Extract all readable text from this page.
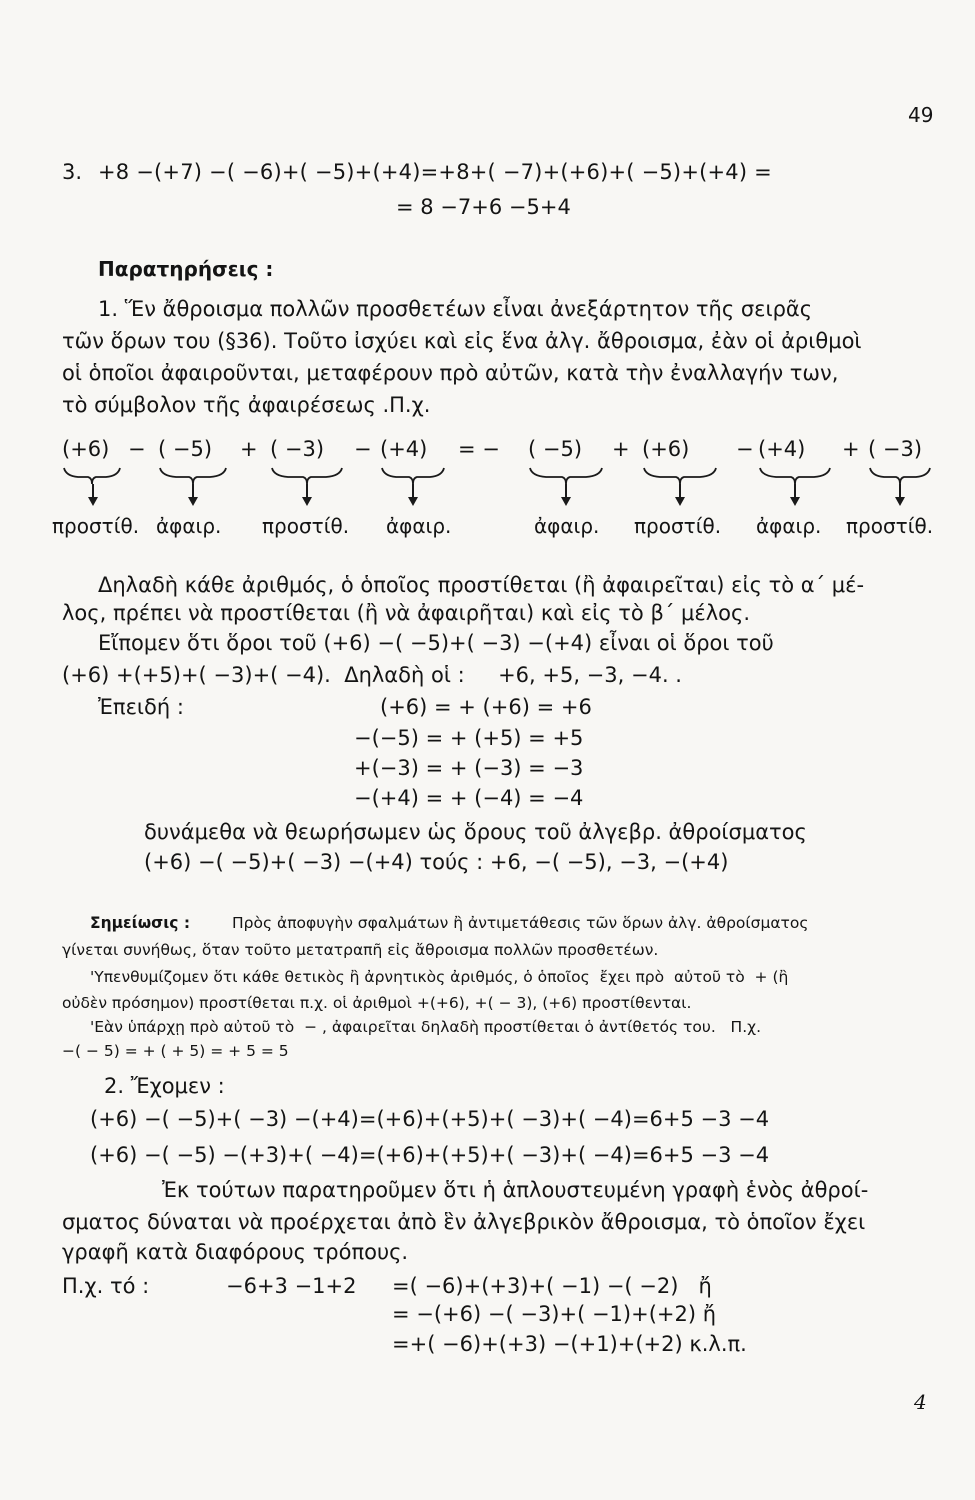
49
3. +8 −(+7) −( −6)+( −5)+(+4)=+8+( −7)+(+6)+( −5)+(+4) =
= 8 −7+6 −5+4
Παρατηρήσεις :
1. Ἕν ἄθροισμα πολλῶν προσθετέων εἶναι ἀνεξάρτητον τῆς σειρᾶς
τῶν ὅρων του (§36). Τοῦτο ἰσχύει καὶ εἰς ἕνα ἀλγ. ἄθροισμα, ἐὰν οἱ ἀριθμοὶ
οἱ ὁποῖοι ἀφαιροῦνται, μεταφέρουν πρὸ αὐτῶν, κατὰ τὴν ἐναλλαγήν των,
τὸ σύμβολον τῆς ἀφαιρέσεως .Π.χ.
(+6) − ( −5) + ( −3) − (+4) = − ( −5) + (+6) − (+4) + ( −3)
προστίθ. ἀφαιρ. προστίθ. ἀφαιρ.	ἀφαιρ. προστίθ. ἀφαιρ. προστίθ.
Δηλαδὴ κάθε ἀριθμός, ὁ ὁποῖος προστίθεται (ἢ ἀφαιρεῖται) εἰς τὸ α΄ μέ-
λος, πρέπει νὰ προστίθεται (ἢ νὰ ἀφαιρῆται) καὶ εἰς τὸ β΄ μέλος.
Εἴπομεν ὅτι ὅροι τοῦ (+6) −( −5)+( −3) −(+4) εἶναι οἱ ὅροι τοῦ
(+6) +(+5)+( −3)+( −4).  Δηλαδὴ οἱ :     +6, +5, −3, −4. .
Ἐπειδή :	(+6) = + (+6) = +6
−(−5) = + (+5) = +5
+(−3) = + (−3) = −3
−(+4) = + (−4) = −4
δυνάμεθα νὰ θεωρήσωμεν ὡς ὅρους τοῦ ἀλγεβρ. ἀθροίσματος
(+6) −( −5)+( −3) −(+4) τούς : +6, −( −5), −3, −(+4)
Σημείωσις :	Πρὸς ἀποφυγὴν σφαλμάτων ἢ ἀντιμετάθεσις τῶν ὅρων ἀλγ. ἀθροίσματος
γίνεται συνήθως, ὅταν τοῦτο μετατραπῆ εἰς ἄθροισμα πολλῶν προσθετέων.
'Υπενθυμίζομεν ὅτι κάθε θετικὸς ἢ ἀρνητικὸς ἀριθμός, ὁ ὁποῖος  ἔχει πρὸ  αὐτοῦ τὸ  + (ἢ
οὐδὲν πρόσημον) προστίθεται π.χ. οἱ ἀριθμοὶ +(+6), +( − 3), (+6) προστίθενται.
'Εὰν ὑπάρχῃ πρὸ αὐτοῦ τὸ  − , ἀφαιρεῖται δηλαδὴ προστίθεται ὁ ἀντίθετός του.   Π.χ.
−( − 5) = + ( + 5) = + 5 = 5
2. Ἔχομεν :
(+6) −( −5)+( −3) −(+4)=(+6)+(+5)+( −3)+( −4)=6+5 −3 −4
(+6) −( −5) −(+3)+( −4)=(+6)+(+5)+( −3)+( −4)=6+5 −3 −4
Ἐκ τούτων παρατηροῦμεν ὅτι ἡ ἁπλουστευμένη γραφὴ ἑνὸς ἀθροί-
σματος δύναται νὰ προέρχεται ἀπὸ ἓν ἀλγεβρικὸν ἄθροισμα, τὸ ὁποῖον ἔχει
γραφῆ κατὰ διαφόρους τρόπους.
Π.χ. τό :	−6+3 −1+2 =( −6)+(+3)+( −1) −( −2)   ἤ
= −(+6) −( −3)+( −1)+(+2) ἤ
=+( −6)+(+3) −(+1)+(+2) κ.λ.π.
4
